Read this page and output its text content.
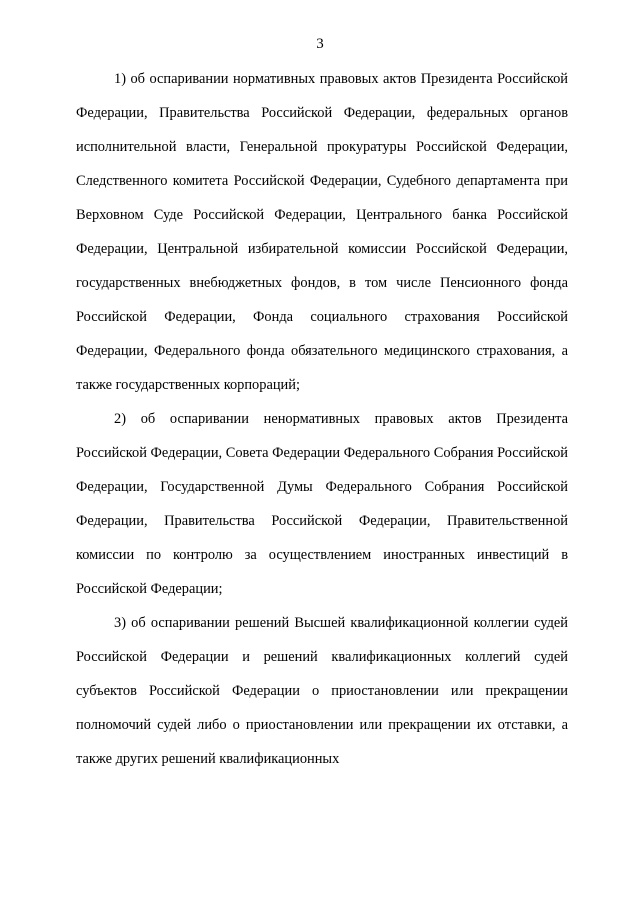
3

1) об оспаривании нормативных правовых актов Президента Российской Федерации, Правительства Российской Федерации, федеральных органов исполнительной власти, Генеральной прокуратуры Российской Федерации, Следственного комитета Российской Федерации, Судебного департамента при Верховном Суде Российской Федерации, Центрального банка Российской Федерации, Центральной избирательной комиссии Российской Федерации, государственных внебюджетных фондов, в том числе Пенсионного фонда Российской Федерации, Фонда социального страхования Российской Федерации, Федерального фонда обязательного медицинского страхования, а также государственных корпораций;

2) об оспаривании ненормативных правовых актов Президента Российской Федерации, Совета Федерации Федерального Собрания Российской Федерации, Государственной Думы Федерального Собрания Российской Федерации, Правительства Российской Федерации, Правительственной комиссии по контролю за осуществлением иностранных инвестиций в Российской Федерации;

3) об оспаривании решений Высшей квалификационной коллегии судей Российской Федерации и решений квалификационных коллегий судей субъектов Российской Федерации о приостановлении или прекращении полномочий судей либо о приостановлении или прекращении их отставки, а также других решений квалификационных
